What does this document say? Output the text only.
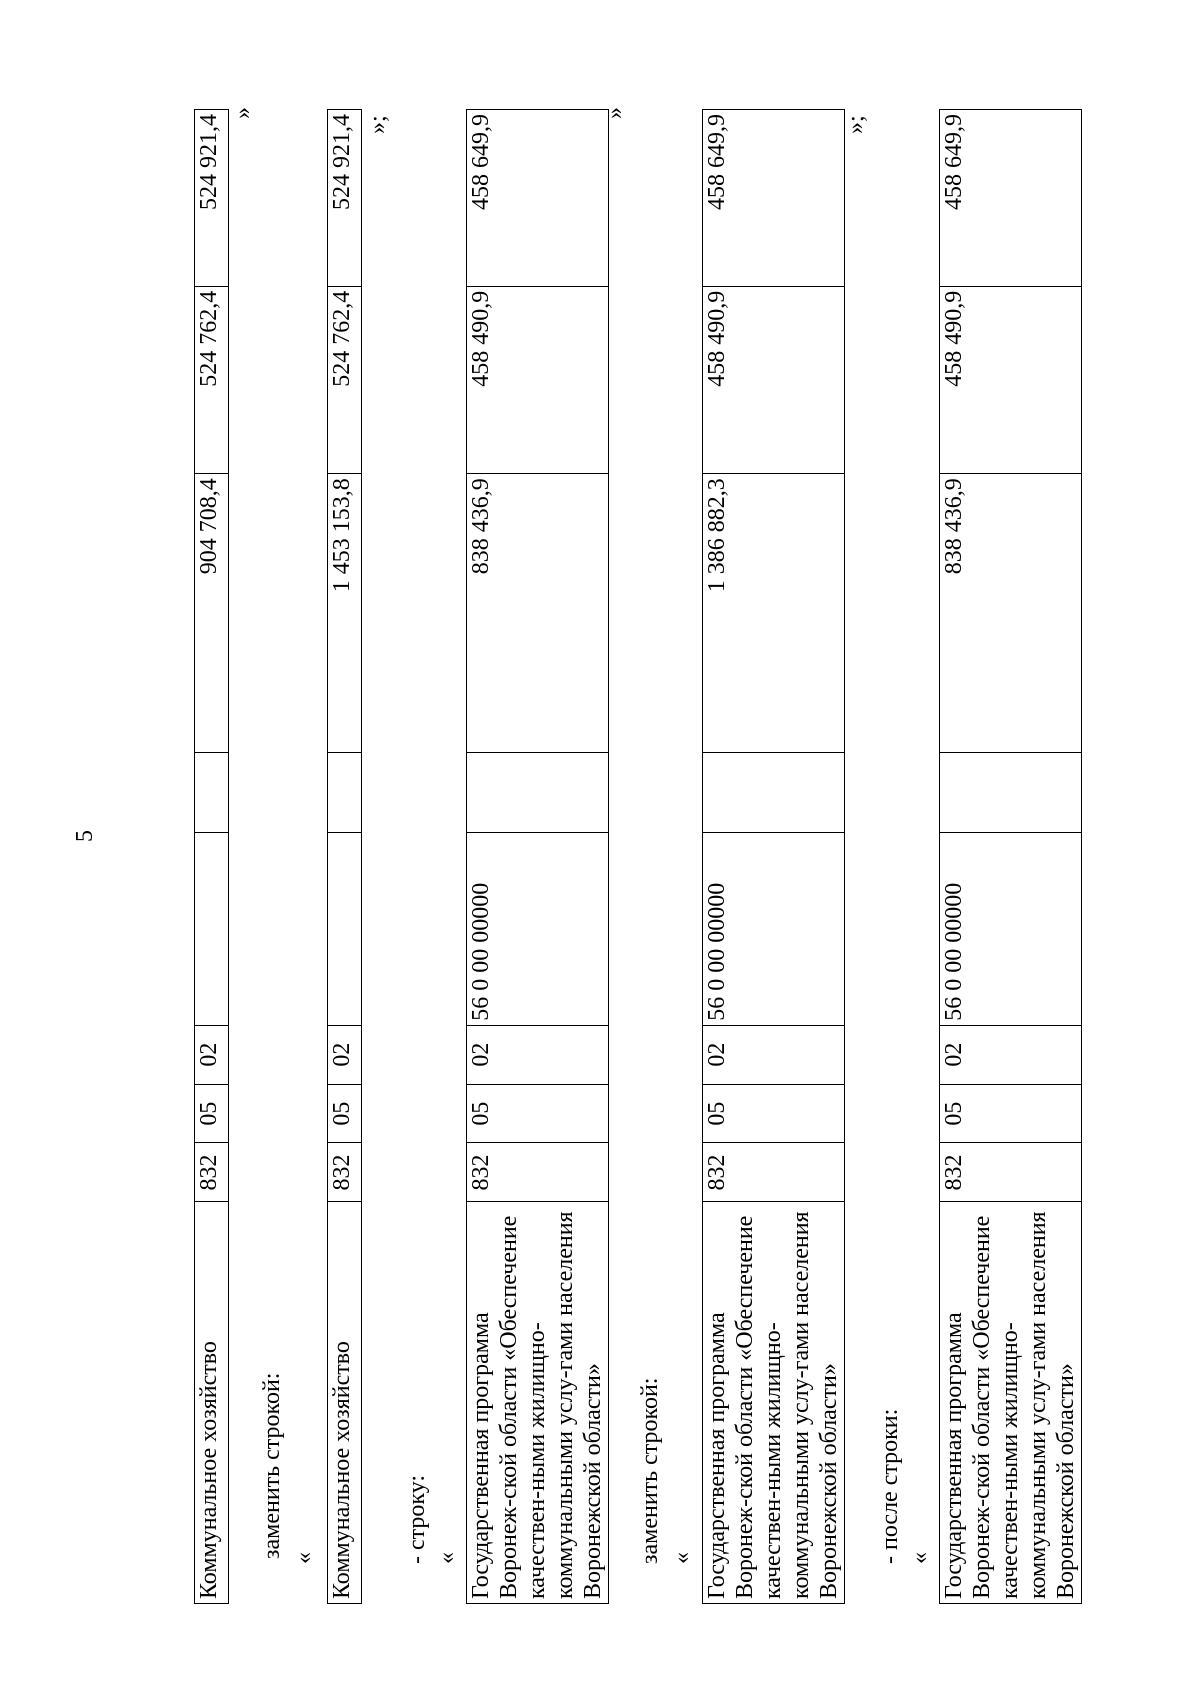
5
Коммунальное хозяйство	832	05	02			904 708,4	524 762,4	524 921,4
»
заменить строкой: « Коммунальное хозяйство	832	05	02			1 453 153,8	524 762,4	524 921,4 »;
- строку: « Государственная программа Воронеж-ской области «Обеспечение качествен-ными жилищно-коммунальными услу-гами населения Воронежской области»	832	05	02	56 0 00 00000		838 436,9	458 490,9	458 649,9
»
заменить строкой: « Государственная программа Воронеж-ской области «Обеспечение качествен-ными жилищно-коммунальными услу-гами населения Воронежской области»	832	05	02	56 0 00 00000		1 386 882,3	458 490,9	458 649,9	»;
- после строки: « Государственная программа Воронеж-ской области «Обеспечение качествен-ными жилищно-коммунальными услу-гами населения Воронежской области»	832	05	02	56 0 00 00000		838 436,9	458 490,9	458 649,9
